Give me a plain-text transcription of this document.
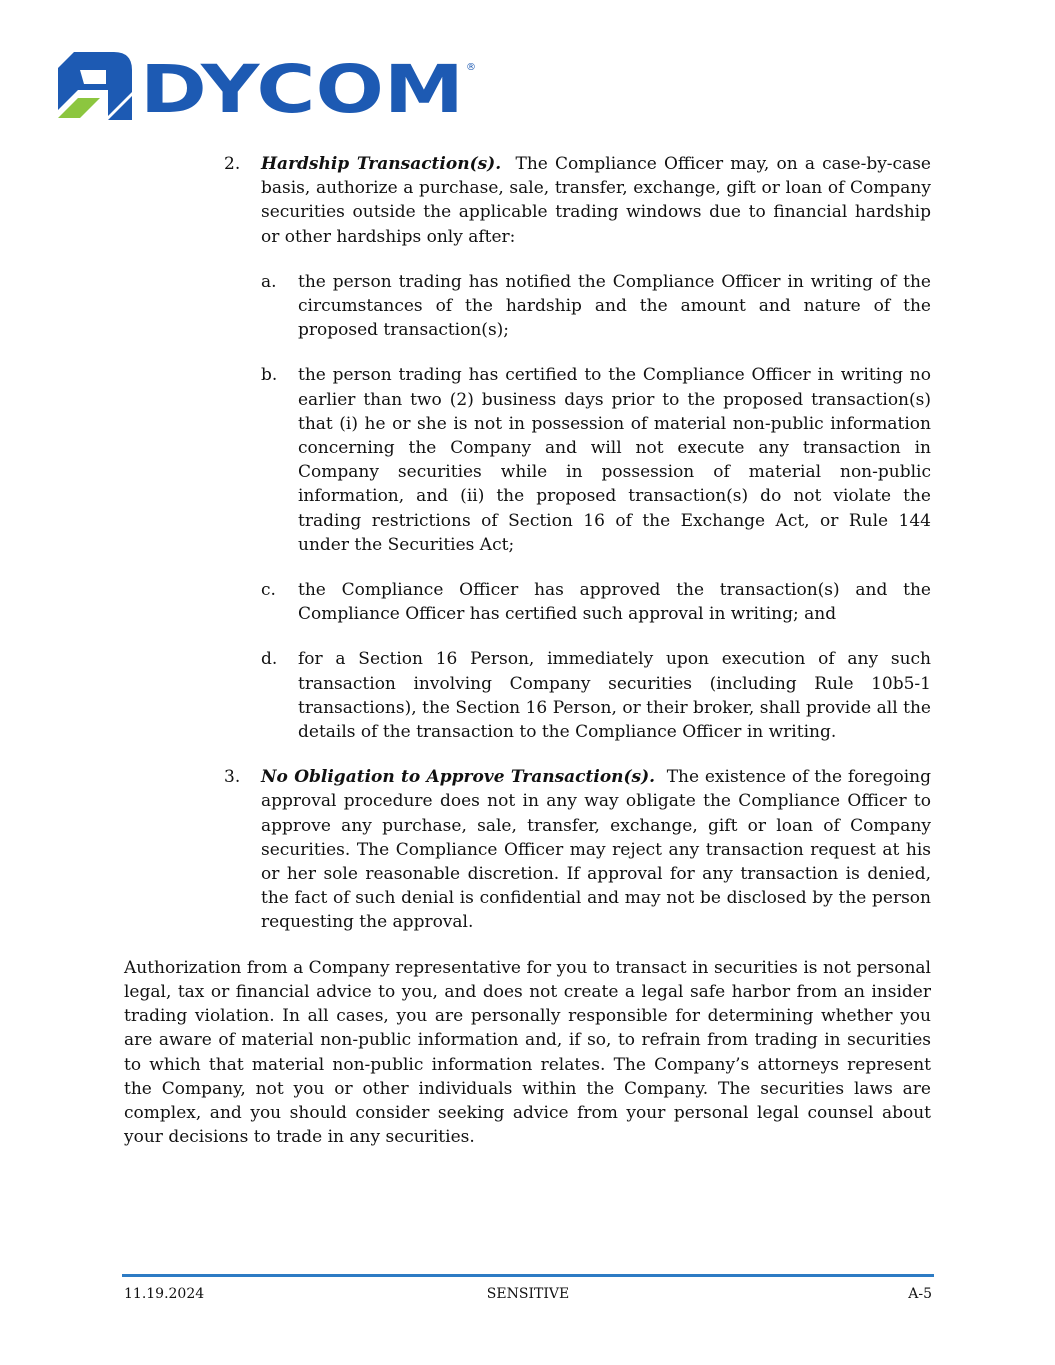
DYCOM ®
2. Hardship Transaction(s). The Compliance Officer may, on a case-by-case basis, authorize a purchase, sale, transfer, exchange, gift or loan of Company securities outside the applicable trading windows due to financial hardship or other hardships only after:
a. the person trading has notified the Compliance Officer in writing of the circumstances of the hardship and the amount and nature of the proposed transaction(s);
b. the person trading has certified to the Compliance Officer in writing no earlier than two (2) business days prior to the proposed transaction(s) that (i) he or she is not in possession of material non-public information concerning the Company and will not execute any transaction in Company securities while in possession of material non-public information, and (ii) the proposed transaction(s) do not violate the trading restrictions of Section 16 of the Exchange Act, or Rule 144 under the Securities Act;
c. the Compliance Officer has approved the transaction(s) and the Compliance Officer has certified such approval in writing; and
d. for a Section 16 Person, immediately upon execution of any such transaction involving Company securities (including Rule 10b5-1 transactions), the Section 16 Person, or their broker, shall provide all the details of the transaction to the Compliance Officer in writing.
3. No Obligation to Approve Transaction(s). The existence of the foregoing approval procedure does not in any way obligate the Compliance Officer to approve any purchase, sale, transfer, exchange, gift or loan of Company securities. The Compliance Officer may reject any transaction request at his or her sole reasonable discretion. If approval for any transaction is denied, the fact of such denial is confidential and may not be disclosed by the person requesting the approval.
Authorization from a Company representative for you to transact in securities is not personal legal, tax or financial advice to you, and does not create a legal safe harbor from an insider trading violation. In all cases, you are personally responsible for determining whether you are aware of material non-public information and, if so, to refrain from trading in securities to which that material non-public information relates. The Company’s attorneys represent the Company, not you or other individuals within the Company. The securities laws are complex, and you should consider seeking advice from your personal legal counsel about your decisions to trade in any securities.
SENSITIVE
11.19.2024	A-5
